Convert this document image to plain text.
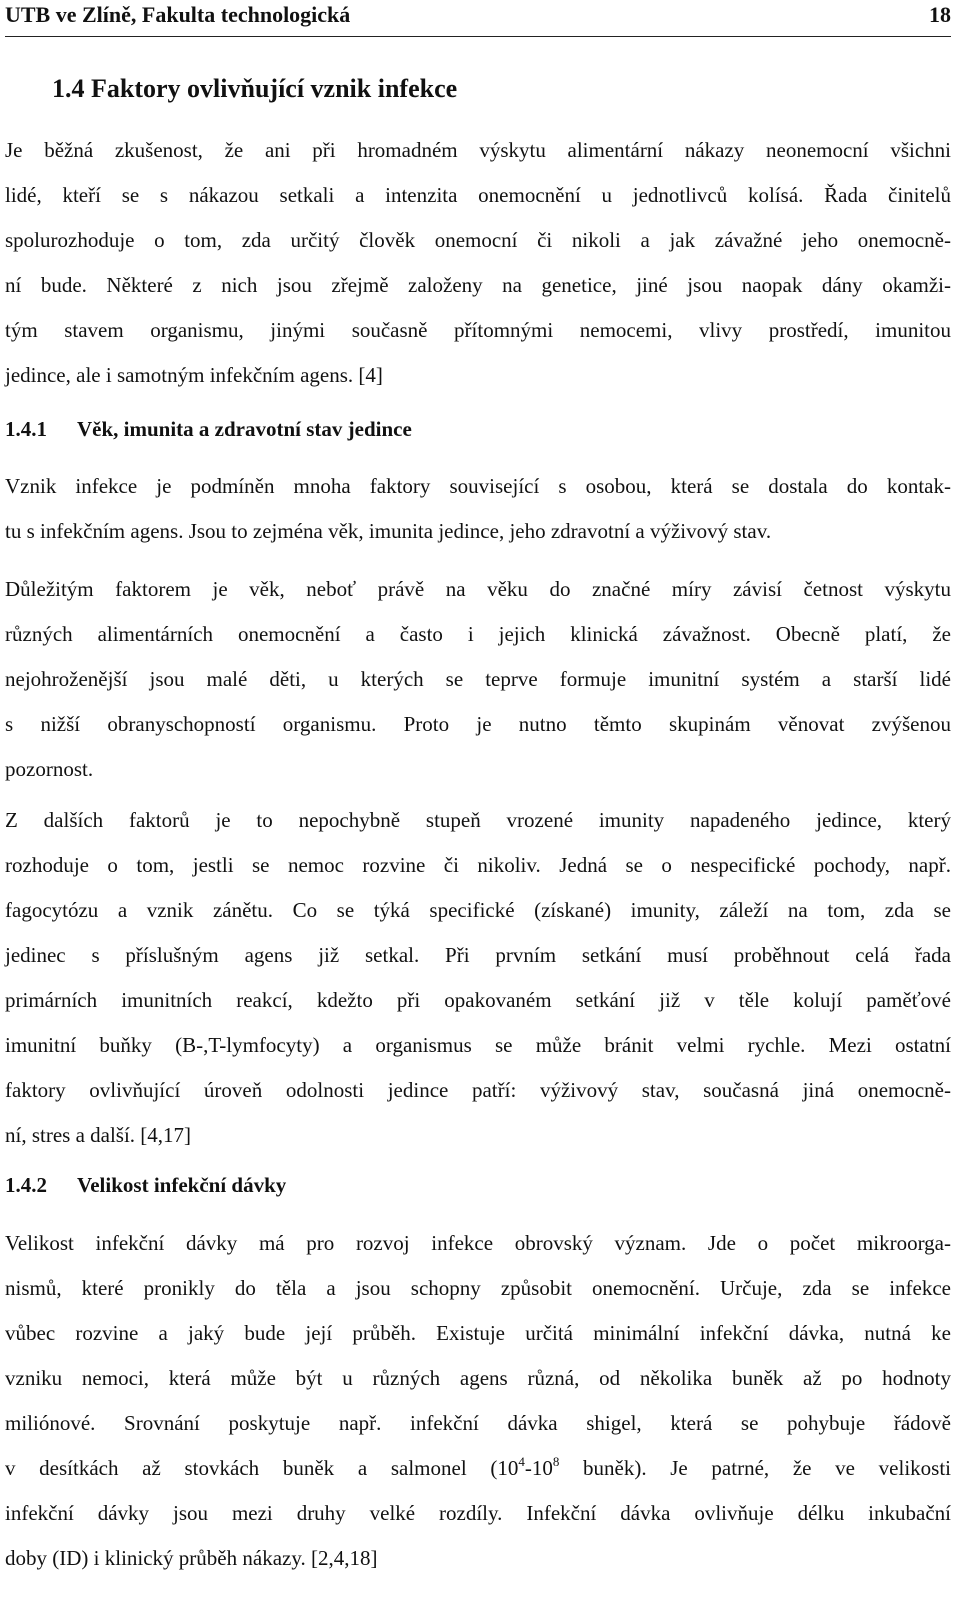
UTB ve Zlíně, Fakulta technologická	18
1.4 Faktory ovlivňující vznik infekce
Je běžná zkušenost, že ani při hromadném výskytu alimentární nákazy neonemocní všichni
lidé, kteří se s nákazou setkali a intenzita onemocnění u jednotlivců kolísá. Řada činitelů
spolurozhoduje o tom, zda určitý člověk onemocní či nikoli a jak závažné jeho onemocně-
ní bude. Některé z nich jsou zřejmě založeny na genetice, jiné jsou naopak dány okamži-
tým stavem organismu, jinými současně přítomnými nemocemi, vlivy prostředí, imunitou
jedince, ale i samotným infekčním agens. [4]
1.4.1 Věk, imunita a zdravotní stav jedince
Vznik infekce je podmíněn mnoha faktory související s osobou, která se dostala do kontak-
tu s infekčním agens. Jsou to zejména věk, imunita jedince, jeho zdravotní a výživový stav.
Důležitým faktorem je věk, neboť právě na věku do značné míry závisí četnost výskytu
různých alimentárních onemocnění a často i jejich klinická závažnost. Obecně platí, že
nejohroženější jsou malé děti, u kterých se teprve formuje imunitní systém a starší lidé
s nižší obranyschopností organismu. Proto je nutno těmto skupinám věnovat zvýšenou
pozornost.
Z dalších faktorů je to nepochybně stupeň vrozené imunity napadeného jedince, který
rozhoduje o tom, jestli se nemoc rozvine či nikoliv. Jedná se o nespecifické pochody, např.
fagocytózu a vznik zánětu. Co se týká specifické (získané) imunity, záleží na tom, zda se
jedinec s příslušným agens již setkal. Při prvním setkání musí proběhnout celá řada
primárních imunitních reakcí, kdežto při opakovaném setkání již v těle kolují paměťové
imunitní buňky (B-,T-lymfocyty) a organismus se může bránit velmi rychle. Mezi ostatní
faktory ovlivňující úroveň odolnosti jedince patří: výživový stav, současná jiná onemocně-
ní, stres a další. [4,17]
1.4.2 Velikost infekční dávky
Velikost infekční dávky má pro rozvoj infekce obrovský význam. Jde o počet mikroorga-
nismů, které pronikly do těla a jsou schopny způsobit onemocnění. Určuje, zda se infekce
vůbec rozvine a jaký bude její průběh. Existuje určitá minimální infekční dávka, nutná ke
vzniku nemoci, která může být u různých agens různá, od několika buněk až po hodnoty
miliónové. Srovnání poskytuje např. infekční dávka shigel, která se pohybuje řádově
v desítkách až stovkách buněk a salmonel ($10^4-10^8$ buněk). Je patrné, že ve velikosti
infekční dávky jsou mezi druhy velké rozdíly. Infekční dávka ovlivňuje délku inkubační
doby (ID) i klinický průběh nákazy. [2,4,18]
